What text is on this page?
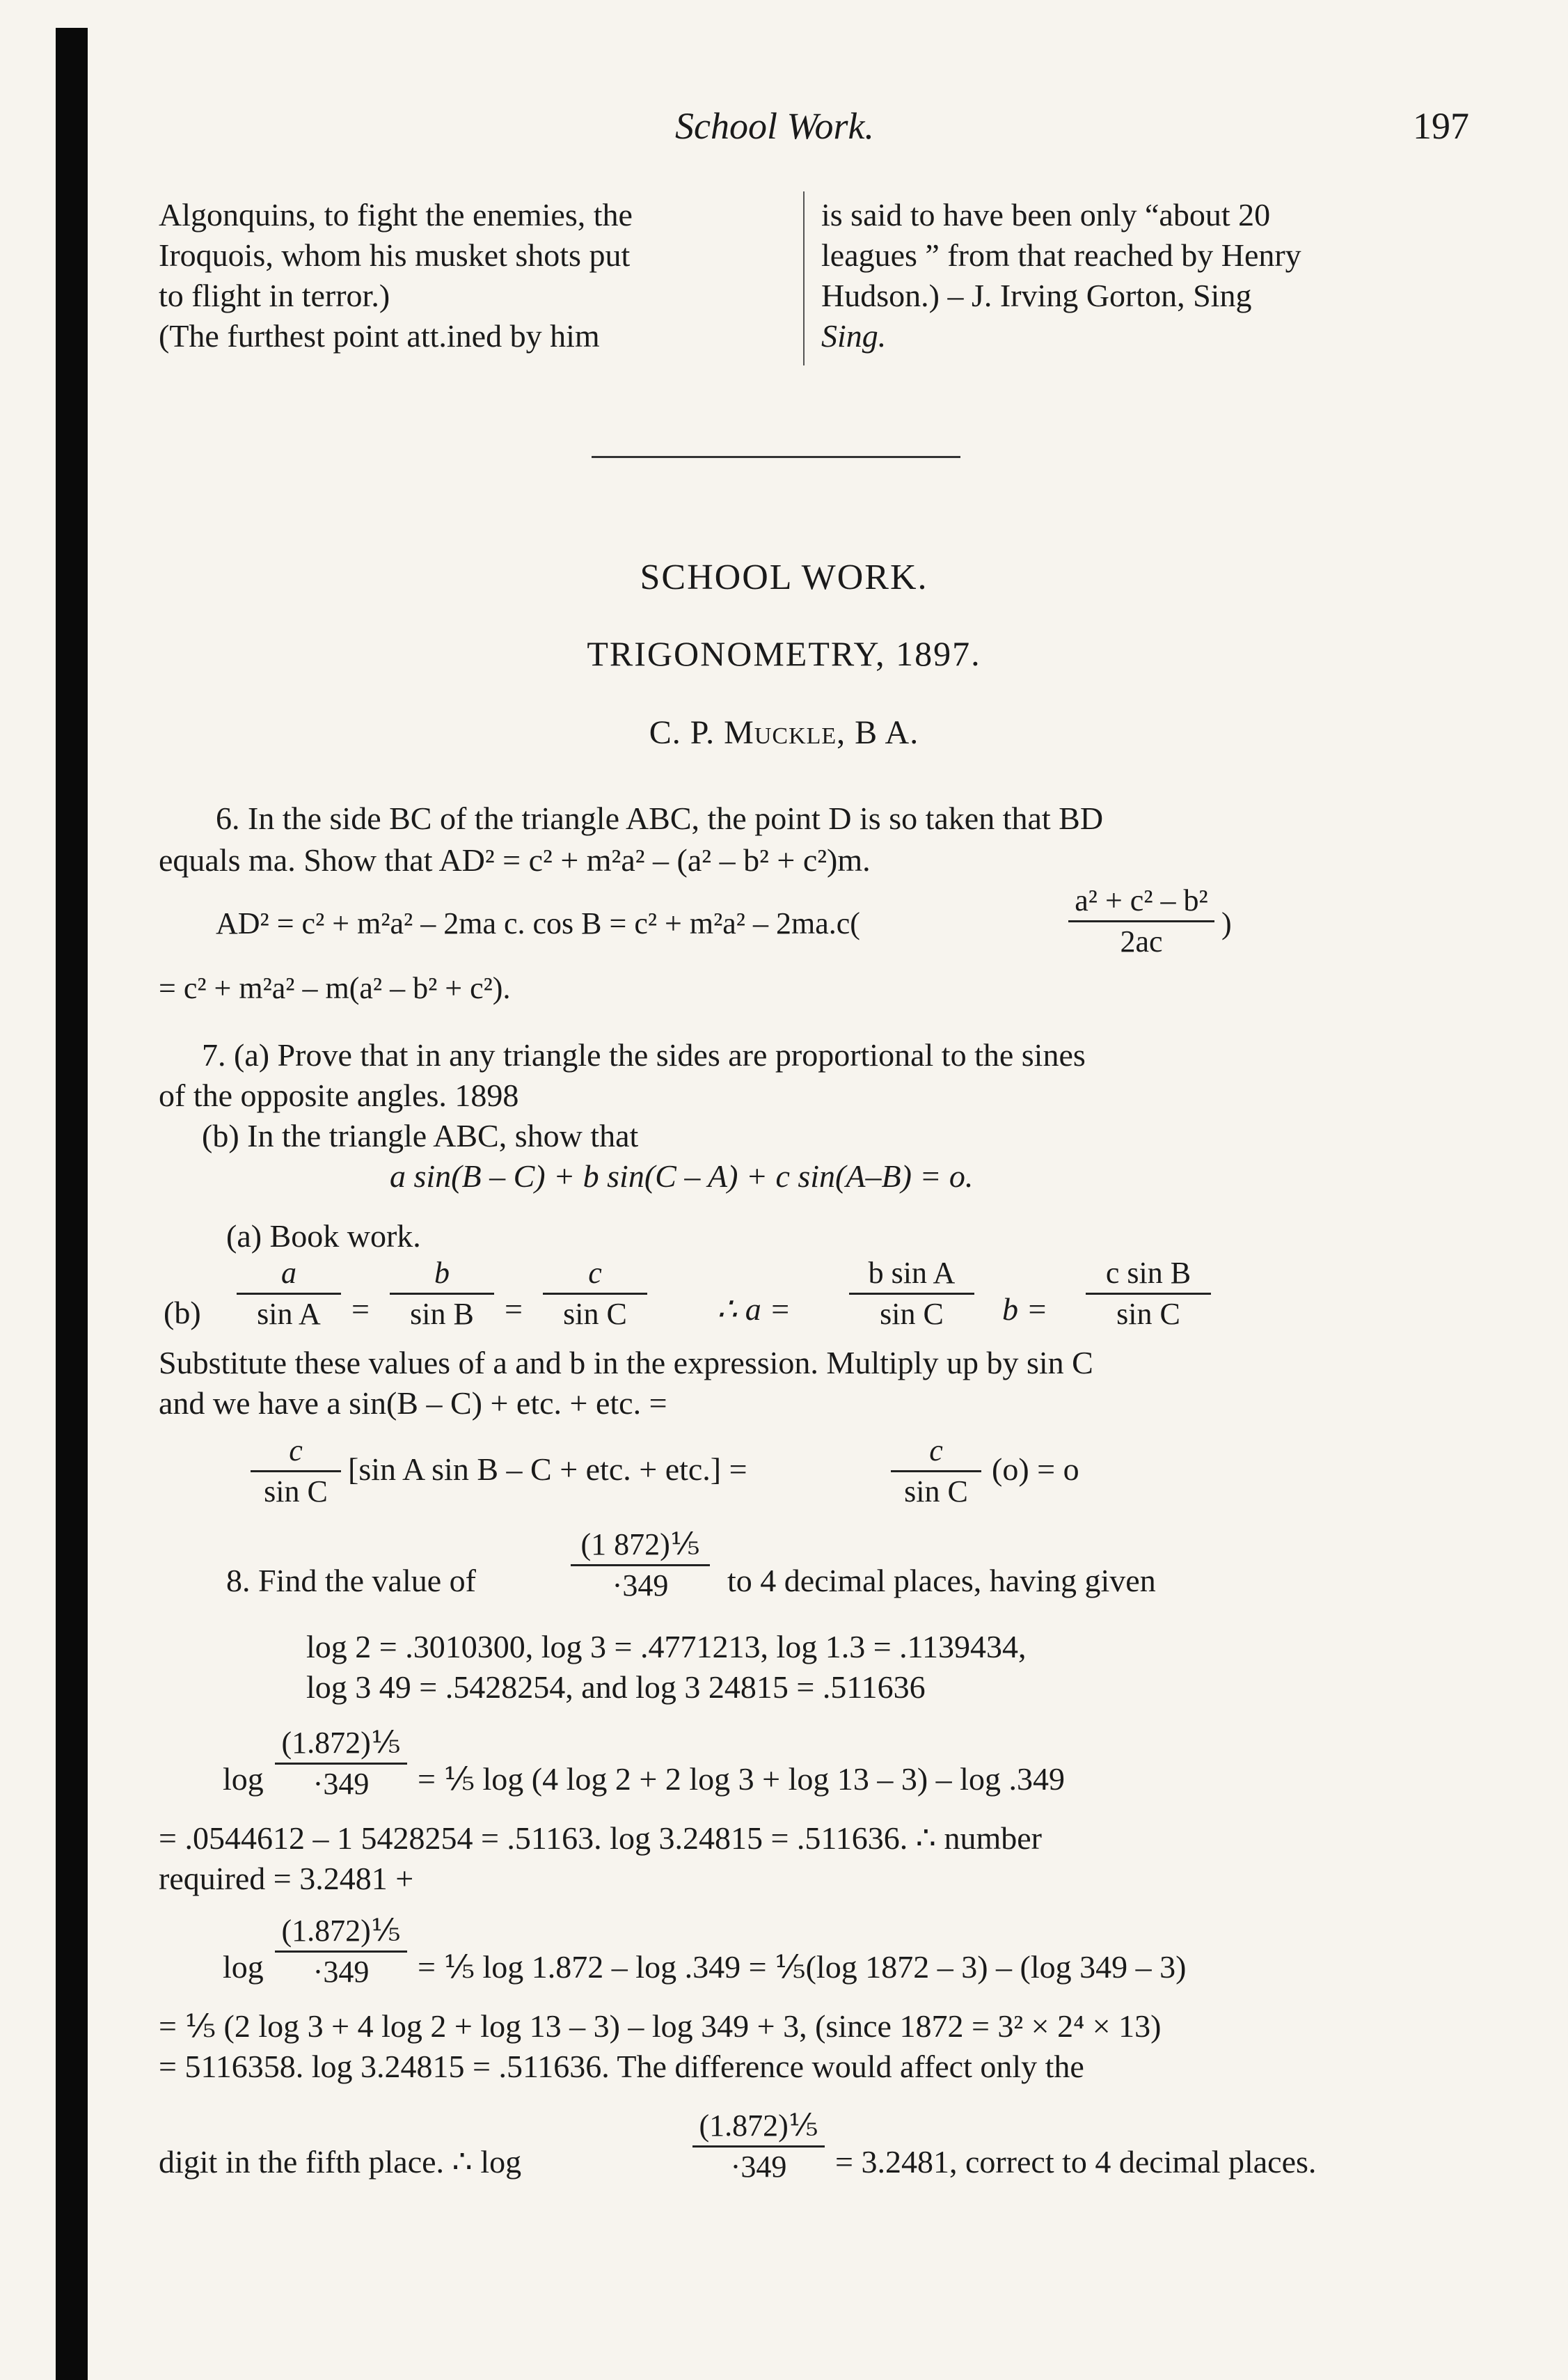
School Work.	197
Algonquins, to fight the enemies, the
Iroquois, whom his musket shots put
to flight in terror.)
(The furthest point att.ined by him
is said to have been only “about 20
leagues ” from that reached by Henry
Hudson.) – J. Irving Gorton, Sing
Sing.
SCHOOL WORK.
TRIGONOMETRY, 1897.
C. P. Muckle, B A.
6. In the side BC of the triangle ABC, the point D is so taken that BD
equals ma. Show that AD² = c² + m²a² – (a² – b² + c²)m.
AD² = c² + m²a² – 2ma c. cos B = c² + m²a² – 2ma.c(
a² + c² – b²
2ac
)
= c² + m²a² – m(a² – b² + c²).
7. (a) Prove that in any triangle the sides are proportional to the sines
of the opposite angles. 1898
(b) In the triangle ABC, show that
a sin(B – C) + b sin(C – A) + c sin(A–B) = o.
(a) Book work.
(b)
a
sin A =
b
sin B =
c
sin C	∴ a =
b sin A
sin C	b =
c sin B
sin C
Substitute these values of a and b in the expression. Multiply up by sin C
and we have a sin(B – C) + etc. + etc. =
c
sin C
[sin A sin B – C + etc. + etc.] =
c
sin C
(o) = o
8. Find the value of
(1 872)⅕
·349	to 4 decimal places, having given
log 2 = .3010300, log 3 = .4771213, log 1.3 = .1139434,
log 3 49 = .5428254, and log 3 24815 = .511636
log
(1.872)⅕
·349	= ⅕ log (4 log 2 + 2 log 3 + log 13 – 3) – log .349
= .0544612 – 1 5428254 = .51163. log 3.24815 = .511636. ∴ number
required = 3.2481 +
log
(1.872)⅕
·349	= ⅕ log 1.872 – log .349 = ⅕(log 1872 – 3) – (log 349 – 3)
= ⅕ (2 log 3 + 4 log 2 + log 13 – 3) – log 349 + 3, (since 1872 = 3² × 2⁴ × 13)
= 5116358. log 3.24815 = .511636. The difference would affect only the
digit in the fifth place. ∴ log
(1.872)⅕
·349	= 3.2481, correct to 4 decimal places.
